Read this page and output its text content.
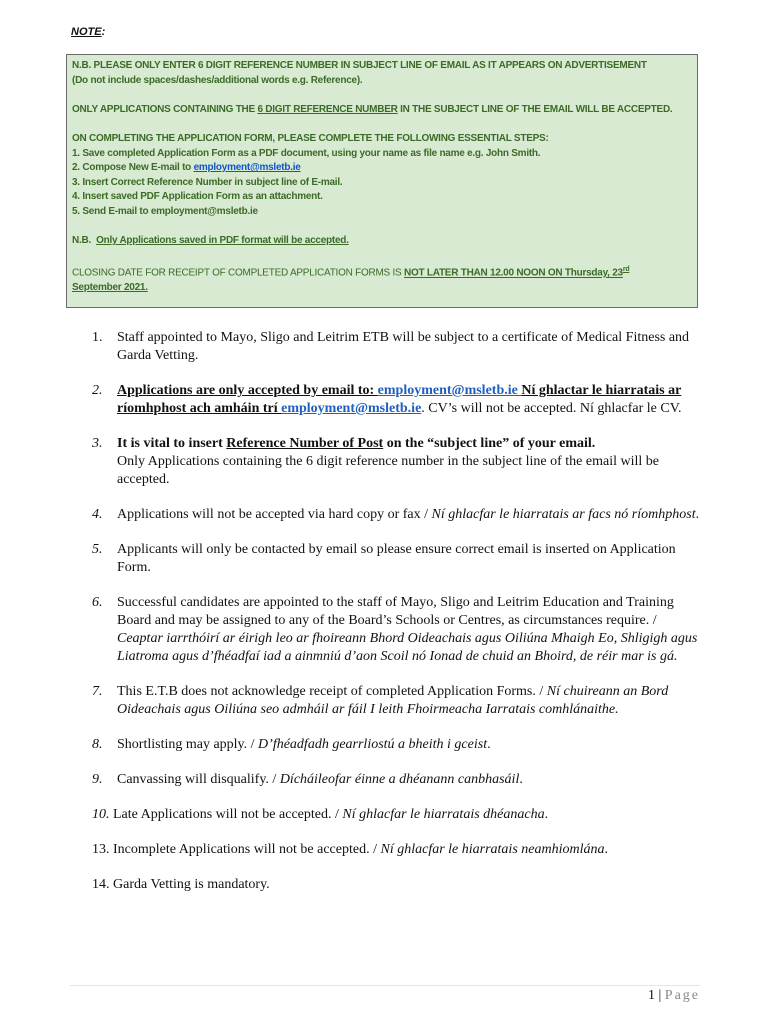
NOTE:

N.B. PLEASE ONLY ENTER 6 DIGIT REFERENCE NUMBER IN SUBJECT LINE OF EMAIL AS IT APPEARS ON ADVERTISEMENT

(Do not include spaces/dashes/additional words e.g. Reference).

ONLY APPLICATIONS CONTAINING THE 6 DIGIT REFERENCE NUMBER IN THE SUBJECT LINE OF THE EMAIL WILL BE ACCEPTED.

ON COMPLETING THE APPLICATION FORM, PLEASE COMPLETE THE FOLLOWING ESSENTIAL STEPS:

1. Save completed Application Form as a PDF document, using your name as file name e.g. John Smith.

2. Compose New E-mail to employment@msletb.ie

3. Insert Correct Reference Number in subject line of E-mail.

4. Insert saved PDF Application Form as an attachment.

5. Send E-mail to employment@msletb.ie

N.B.  Only Applications saved in PDF format will be accepted.

CLOSING DATE FOR RECEIPT OF COMPLETED APPLICATION FORMS IS NOT LATER THAN 12.00 NOON ON Thursday, 23rd
September 2021.

1.	Staff appointed to Mayo, Sligo and Leitrim ETB will be subject to a certificate of Medical Fitness and Garda Vetting.
2.	Applications are only accepted by email to: employment@msletb.ie Ní ghlactar le hiarratais ar ríomhphost ach amháin trí employment@msletb.ie. CV’s will not be accepted. Ní ghlacfar le CV.
3.	It is vital to insert Reference Number of Post on the “subject line” of your email.
Only Applications containing the 6 digit reference number in the subject line of the email will be accepted.
4.	Applications will not be accepted via hard copy or fax / Ní ghlacfar le hiarratais ar facs nó ríomhphost.
5.	Applicants will only be contacted by email so please ensure correct email is inserted on Application Form.
6.	Successful candidates are appointed to the staff of Mayo, Sligo and Leitrim Education and Training Board and may be assigned to any of the Board’s Schools or Centres, as circumstances require. / Ceaptar iarrthóirí ar éirigh leo ar fhoireann Bhord Oideachais agus Oiliúna Mhaigh Eo, Shligigh agus Liatroma agus d’fhéadfaí iad a ainmniú d’aon Scoil nó Ionad de chuid an Bhoird, de réir mar is gá.
7.	This E.T.B does not acknowledge receipt of completed Application Forms. / Ní chuireann an Bord Oideachais agus Oiliúna seo admháil ar fáil I leith Fhoirmeacha Iarratais comhlánaithe.
8.	Shortlisting may apply. / D’fhéadfadh gearrliostú a bheith i gceist.
9.	Canvassing will disqualify. / Dícháileofar éinne a dhéanann canbhasáil.
10. Late Applications will not be accepted. / Ní ghlacfar le hiarratais dhéanacha.
13. Incomplete Applications will not be accepted. / Ní ghlacfar le hiarratais neamhiomlána.
14. Garda Vetting is mandatory.
1 | Page
